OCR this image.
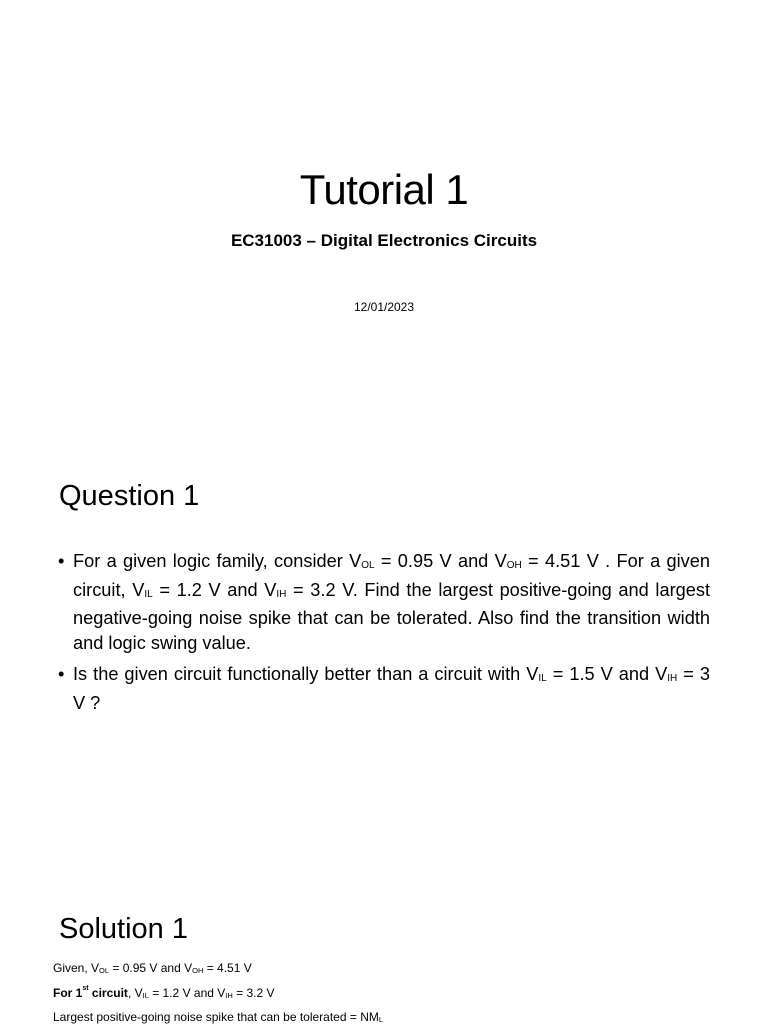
Tutorial 1
EC31003 – Digital Electronics Circuits
12/01/2023
Question 1
• For a given logic family, consider $V_{OL} = 0.95$ V and $V_{OH} = 4.51$ V . For a given circuit, $V_{IL} = 1.2$ V and $V_{IH} = 3.2$ V. Find the largest positive-going and largest negative-going noise spike that can be tolerated. Also find the transition width and logic swing value.
• Is the given circuit functionally better than a circuit with $V_{IL} = 1.5$ V and $V_{IH} = 3$ V ?
Solution 1
Given, $V_{OL} = 0.95$ V and $V_{OH} = 4.51$ V
For 1st circuit, $V_{IL} = 1.2$ V and $V_{IH} = 3.2$ V
Largest positive-going noise spike that can be tolerated = $NM_L$
